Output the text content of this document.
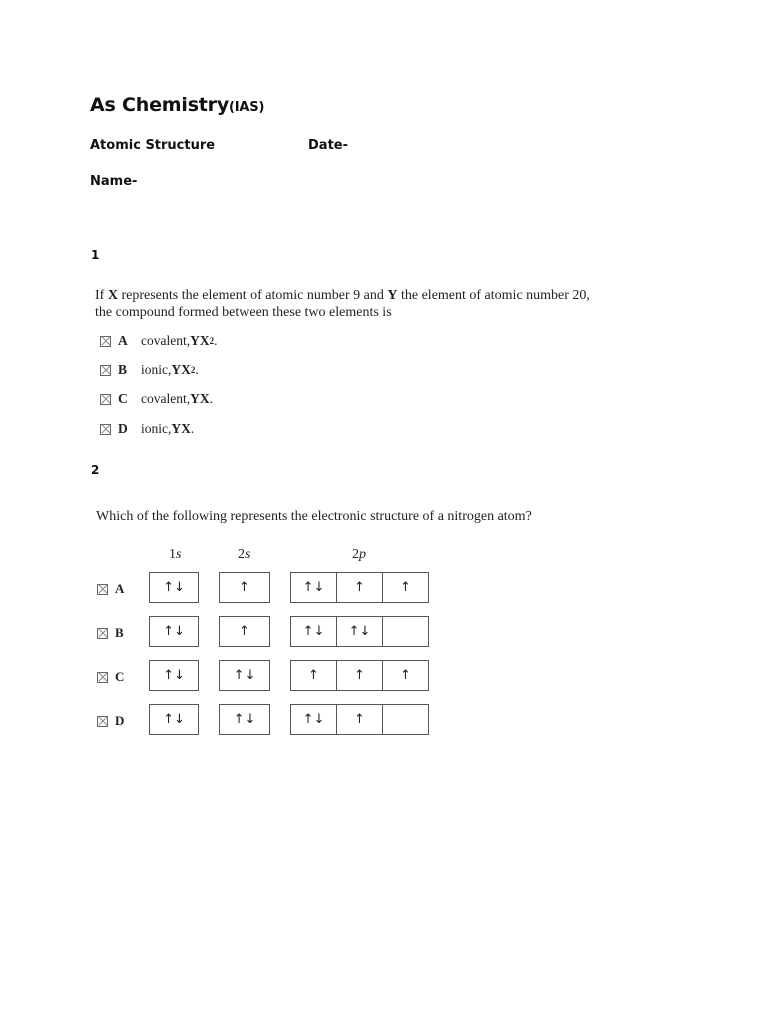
As Chemistry(IAS)
Atomic Structure	Date-
Name-
1
If X represents the element of atomic number 9 and Y the element of atomic number 20,
the compound formed between these two elements is
A covalent, YX 2 .
B	ionic, YX 2 .
C covalent, YX .
D ionic, YX .
2
Which of the following represents the electronic structure of a nitrogen atom?
1s	2s	2p
A	↑↓	↑	↑↓	↑	↑
B	↑↓	↑	↑↓	↑↓
C	↑↓	↑↓	↑	↑	↑
D	↑↓	↑↓	↑↓	↑
